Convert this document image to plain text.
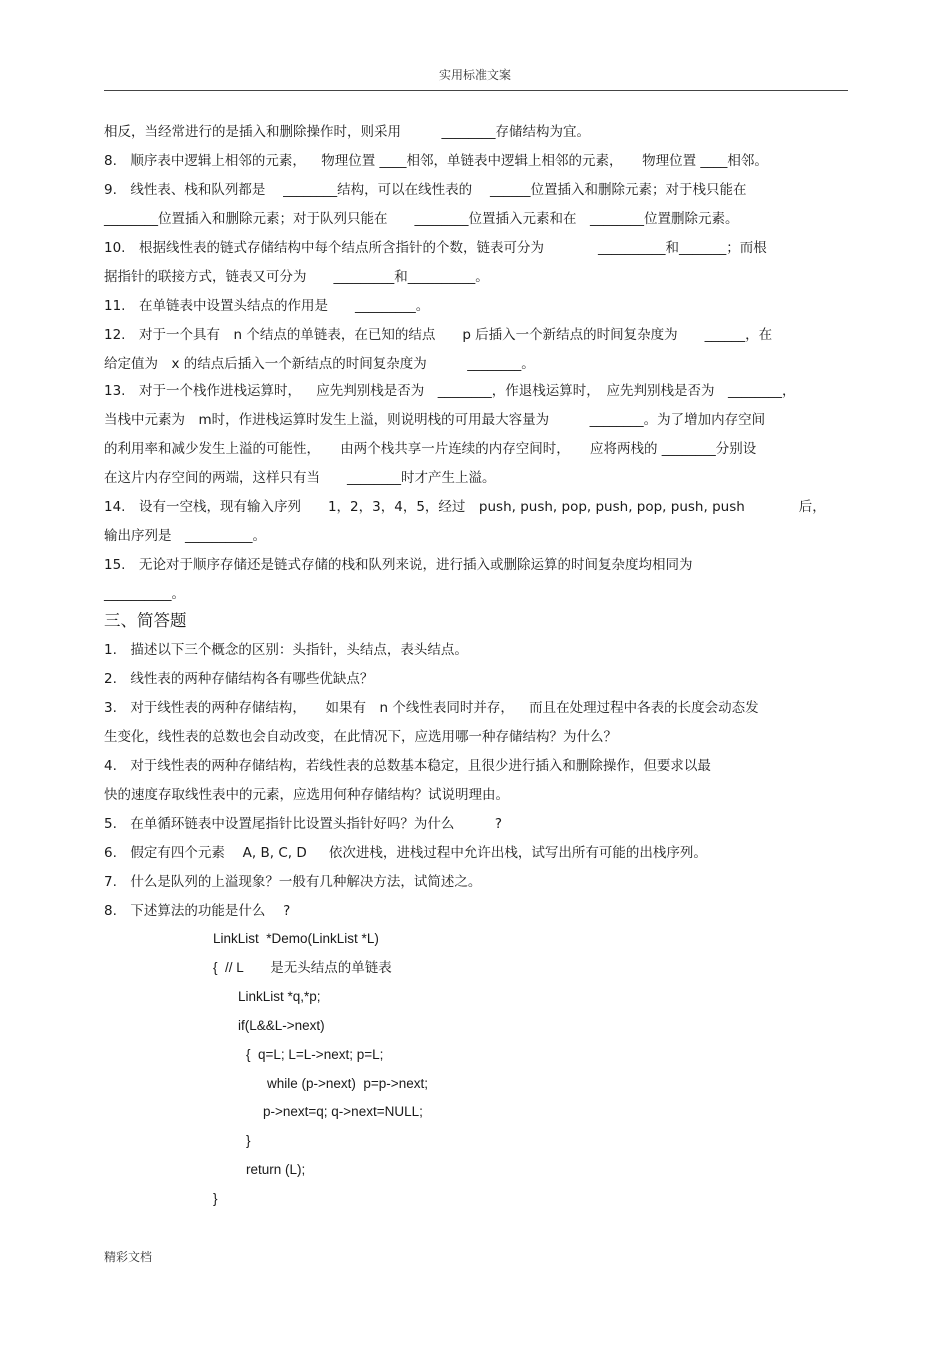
实用标准文案
相反，当经常进行的是插入和删除操作时，则采用　　　________存储结构为宜。
8.　顺序表中逻辑上相邻的元素，　  物理位置 ____相邻，单链表中逻辑上相邻的元素，　   物理位置 ____相邻。
9.　线性表、栈和队列都是　 ________结构，可以在线性表的　 ______位置插入和删除元素；对于栈只能在
________位置插入和删除元素；对于队列只能在　　________位置插入元素和在　________位置删除元素。
10.　根据线性表的链式存储结构中每个结点所含指针的个数，链表可分为　　　　__________和_______；而根
据指针的联接方式，链表又可分为　　_________和__________。
11.　在单链表中设置头结点的作用是　　_________。
12.　对于一个具有　n 个结点的单链表，在已知的结点　　p 后插入一个新结点的时间复杂度为　　______，在
给定值为　x 的结点后插入一个新结点的时间复杂度为　　　________。
13.　对于一个栈作进栈运算时，　  应先判别栈是否为　________，作退栈运算时，　应先判别栈是否为　________，
当栈中元素为　m时，作进栈运算时发生上溢，则说明栈的可用最大容量为　　　________。为了增加内存空间
的利用率和减少发生上溢的可能性，　　由两个栈共享一片连续的内存空间时，　　应将两栈的 ________分别设
在这片内存空间的两端，这样只有当　　________时才产生上溢。
14.　设有一空栈，现有输入序列　　1，2，3，4，5，经过　push, push, pop, push, pop, push, push　　　　后，
输出序列是　__________。
15.　无论对于顺序存储还是链式存储的栈和队列来说，进行插入或删除运算的时间复杂度均相同为
__________。
三、简答题
1.　描述以下三个概念的区别：头指针，头结点，表头结点。
2.　线性表的两种存储结构各有哪些优缺点？
3.　对于线性表的两种存储结构，　   如果有　n 个线性表同时并存，　  而且在处理过程中各表的长度会动态发
生变化，线性表的总数也会自动改变，在此情况下，应选用哪一种存储结构？为什么？
4.　对于线性表的两种存储结构，若线性表的总数基本稳定，且很少进行插入和删除操作，但要求以最
快的速度存取线性表中的元素，应选用何种存储结构？试说明理由。
5.　在单循环链表中设置尾指针比设置头指针好吗？为什么　　　?
6.　假定有四个元素　 A, B, C, D　  依次进栈，进栈过程中允许出栈，试写出所有可能的出栈序列。
7.　什么是队列的上溢现象？一般有几种解决方法，试简述之。
8.　下述算法的功能是什么　 ?
LinkList  *Demo(LinkList *L)
{  // L　　是无头结点的单链表
LinkList *q,*p;
if(L&&L->next)
{  q=L; L=L->next; p=L;
while (p->next)  p=p->next;
p->next=q; q->next=NULL;
}
return (L);
}
精彩文档
